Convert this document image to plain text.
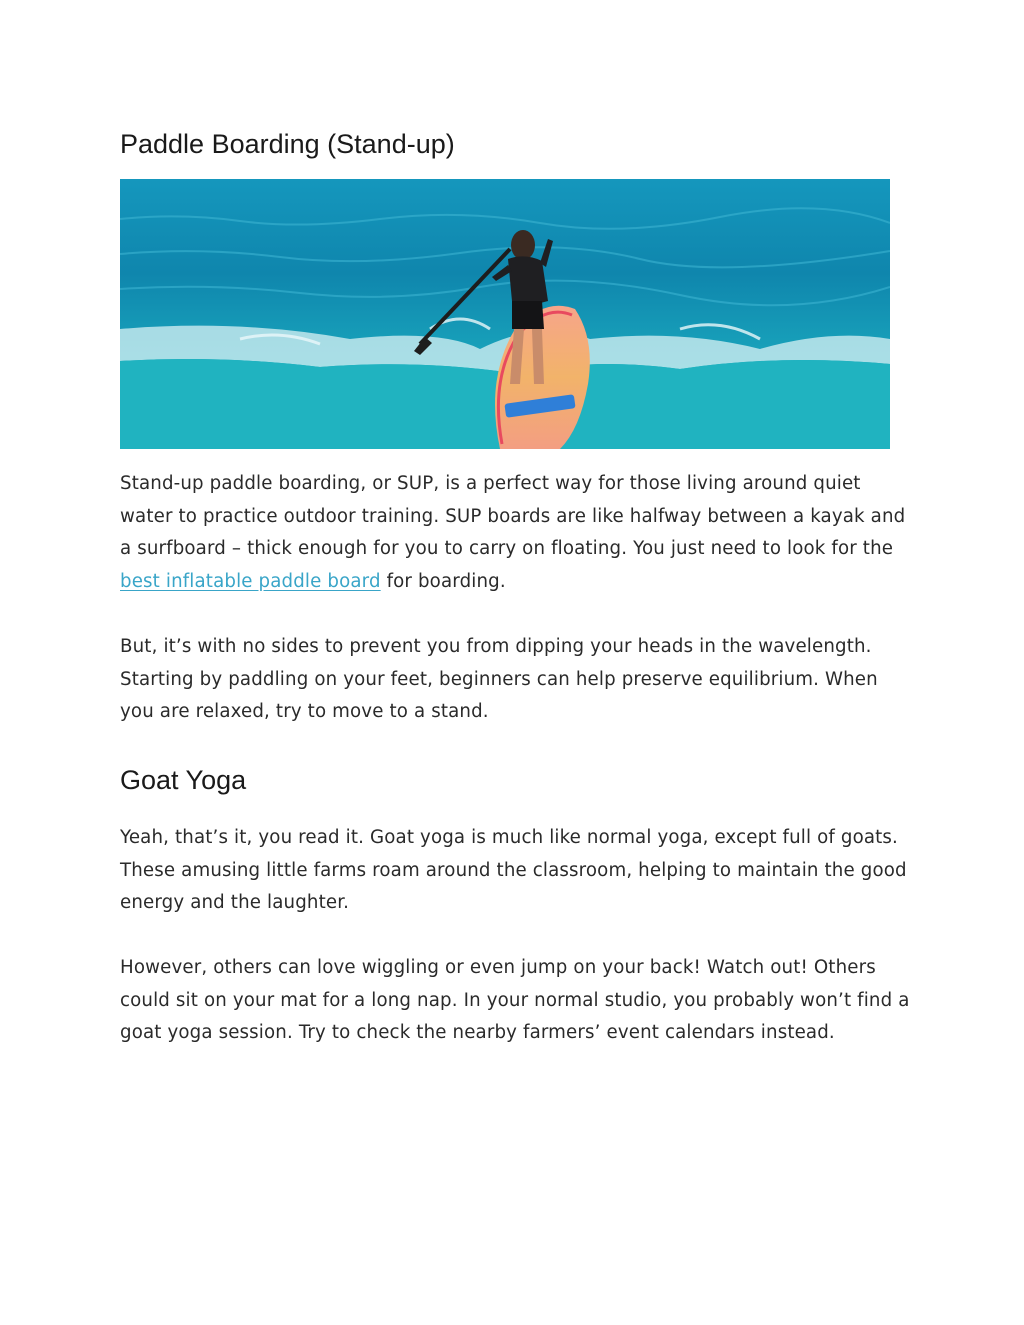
Paddle Boarding (Stand-up)

Stand-up paddle boarding, or SUP, is a perfect way for those living around quiet water to practice outdoor training. SUP boards are like halfway between a kayak and a surfboard – thick enough for you to carry on floating. You just need to look for the best inflatable paddle board for boarding.

But, it’s with no sides to prevent you from dipping your heads in the wavelength. Starting by paddling on your feet, beginners can help preserve equilibrium. When you are relaxed, try to move to a stand.

Goat Yoga

Yeah, that’s it, you read it. Goat yoga is much like normal yoga, except full of goats. These amusing little farms roam around the classroom, helping to maintain the good energy and the laughter.

However, others can love wiggling or even jump on your back! Watch out! Others could sit on your mat for a long nap. In your normal studio, you probably won’t find a goat yoga session. Try to check the nearby farmers’ event calendars instead.
